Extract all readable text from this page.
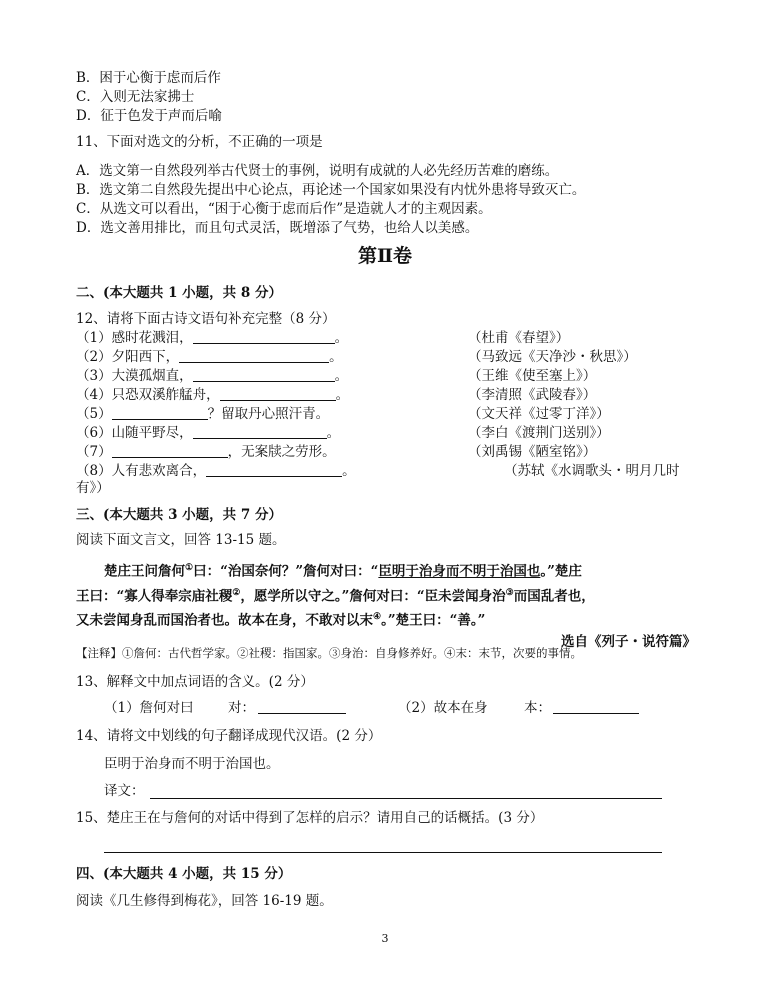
B．困于心衡于虑而后作
C．入则无法家拂士
D．征于色发于声而后喻
11、下面对选文的分析，不正确的一项是
A．选文第一自然段列举古代贤士的事例，说明有成就的人必先经历苦难的磨练。
B．选文第二自然段先提出中心论点，再论述一个国家如果没有内忧外患将导致灭亡。
C．从选文可以看出，“困于心衡于虑而后作”是造就人才的主观因素。
D．选文善用排比，而且句式灵活，既增添了气势，也给人以美感。
第Ⅱ卷
二、(本大题共 1 小题，共 8 分）
12、请将下面古诗文语句补充完整（8 分）
（1）感时花溅泪，	。	（杜甫《春望》）
（2）夕阳西下，	。	（马致远《天净沙・秋思》）
（3）大漠孤烟直，	。	（王维《使至塞上》）
（4）只恐双溪舴艋舟，	。	（李清照《武陵春》）
（5）	？留取丹心照汗青。	（文天祥《过零丁洋》）
（6）山随平野尽，	。	（李白《渡荆门送别》）
（7）	，无案牍之劳形。	（刘禹锡《陋室铭》）
（8）人有悲欢离合，	。	（苏轼《水调歌头・明月几时
有》）
三、(本大题共 3 小题，共 7 分）
阅读下面文言文，回答 13-15 题。
楚庄王问詹何①曰：“治国奈何？”詹何对曰：“臣明于治身而不明于治国也。”楚庄
王曰：“寡人得奉宗庙社稷②，愿学所以守之。”詹何对曰：“臣未尝闻身治③而国乱者也，
又未尝闻身乱而国治者也。故本在身，不敢对以末④。”楚王曰：“善。”
选自《列子・说符篇》
【注释】①詹何：古代哲学家。②社稷：指国家。③身治：自身修养好。④末：末节，次要的事情。
13、解释文中加点词语的含义。(2 分）
（1）詹何对曰	对：	（2）故本在身	本：
14、请将文中划线的句子翻译成现代汉语。(2 分）
臣明于治身而不明于治国也。
译文：
15、楚庄王在与詹何的对话中得到了怎样的启示？请用自己的话概括。(3 分）
四、(本大题共 4 小题，共 15 分）
阅读《几生修得到梅花》，回答 16-19 题。
3
